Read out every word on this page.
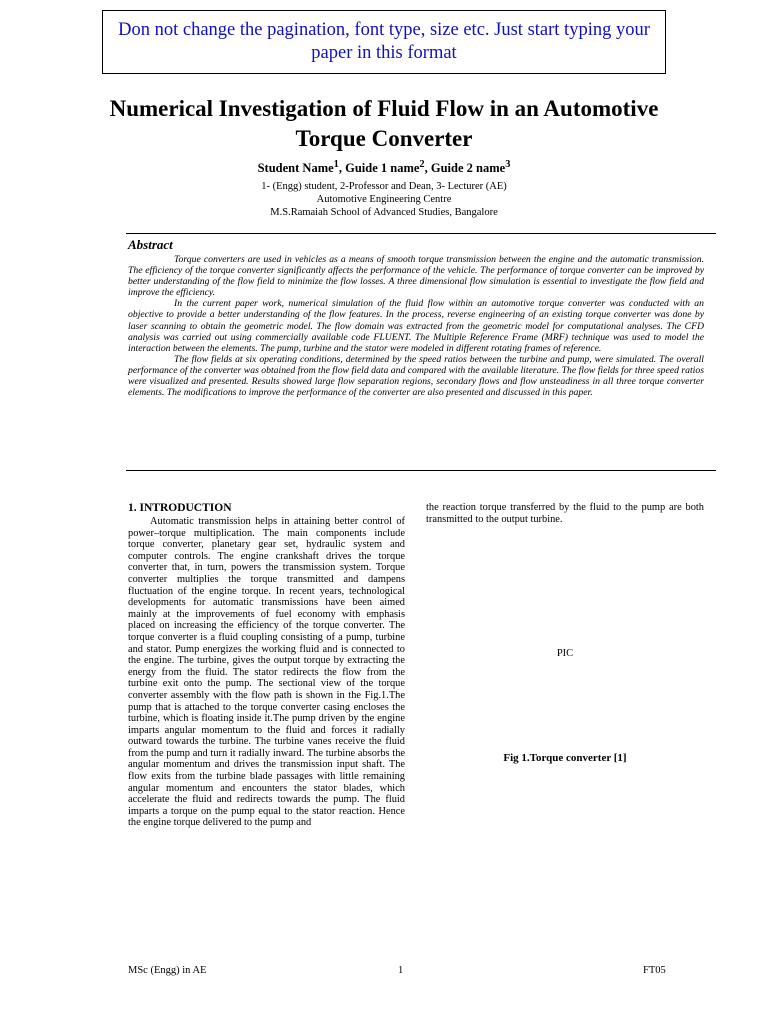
Don not change the pagination, font type, size etc. Just start typing your paper in this format
Numerical Investigation of Fluid Flow in an Automotive Torque Converter
Student Name$^1$, Guide 1 name$^2$, Guide 2 name$^3$
1- (Engg) student, 2-Professor and Dean, 3- Lecturer (AE)
Automotive Engineering Centre
M.S.Ramaiah School of Advanced Studies, Bangalore
Abstract

Torque converters are used in vehicles as a means of smooth torque transmission between the engine and the automatic transmission. The efficiency of the torque converter significantly affects the performance of the vehicle. The performance of torque converter can be improved by better understanding of the flow field to minimize the flow losses. A three dimensional flow simulation is essential to investigate the flow field and improve the efficiency.

In the current paper work, numerical simulation of the fluid flow within an automotive torque converter was conducted with an objective to provide a better understanding of the flow features. In the process, reverse engineering of an existing torque converter was done by laser scanning to obtain the geometric model. The flow domain was extracted from the geometric model for computational analyses. The CFD analysis was carried out using commercially available code FLUENT. The Multiple Reference Frame (MRF) technique was used to model the interaction between the elements. The pump, turbine and the stator were modeled in different rotating frames of reference.

The flow fields at six operating conditions, determined by the speed ratios between the turbine and pump, were simulated. The overall performance of the converter was obtained from the flow field data and compared with the available literature. The flow fields for three speed ratios were visualized and presented. Results showed large flow separation regions, secondary flows and flow unsteadiness in all three torque converter elements. The modifications to improve the performance of the converter are also presented and discussed in this paper.

1. INTRODUCTION

Automatic transmission helps in attaining better control of power–torque multiplication. The main components include torque converter, planetary gear set, hydraulic system and computer controls. The engine crankshaft drives the torque converter that, in turn, powers the transmission system. Torque converter multiplies the torque transmitted and dampens fluctuation of the engine torque. In recent years, technological developments for automatic transmissions have been aimed mainly at the improvements of fuel economy with emphasis placed on increasing the efficiency of the torque converter. The torque converter is a fluid coupling consisting of a pump, turbine and stator. Pump energizes the working fluid and is connected to the engine. The turbine, gives the output torque by extracting the energy from the fluid. The stator redirects the flow from the turbine exit onto the pump. The sectional view of the torque converter assembly with the flow path is shown in the Fig.1.The pump that is attached to the torque converter casing encloses the turbine, which is floating inside it.The pump driven by the engine imparts angular momentum to the fluid and forces it radially outward towards the turbine. The turbine vanes receive the fluid from the pump and turn it radially inward. The turbine absorbs the angular momentum and drives the transmission input shaft. The flow exits from the turbine blade passages with little remaining angular momentum and encounters the stator blades, which accelerate the fluid and redirects towards the pump. The fluid imparts a torque on the pump equal to the stator reaction. Hence the engine torque delivered to the pump and

the reaction torque transferred by the fluid to the pump are both transmitted to the output turbine.

PIC
Fig 1.Torque converter [1]
MSc (Engg) in AE	1	FT05
